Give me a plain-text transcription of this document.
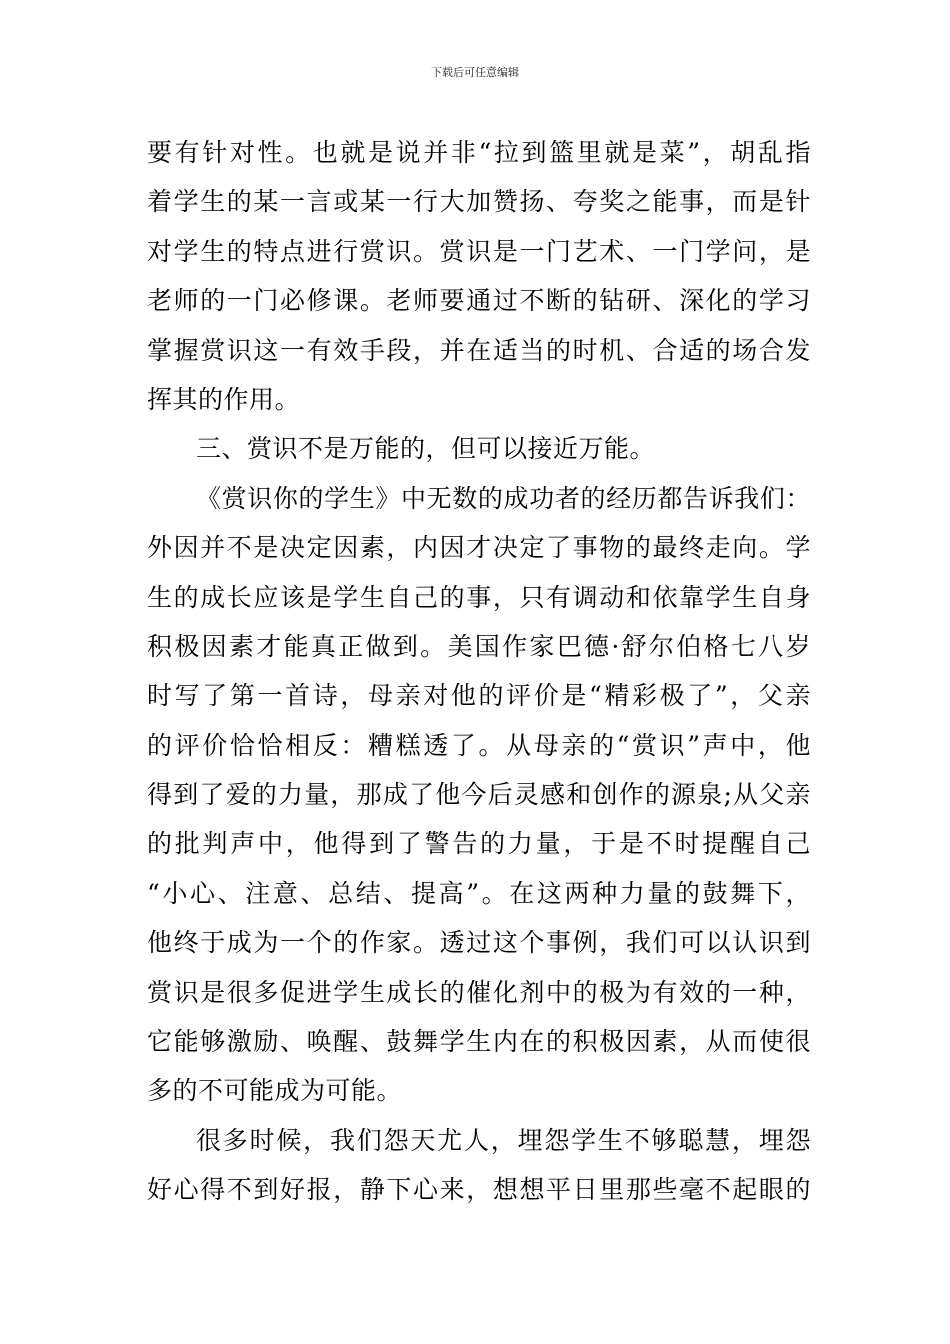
下载后可任意编辑
要有针对性。也就是说并非“拉到篮里就是菜”，胡乱指
着学生的某一言或某一行大加赞扬、夸奖之能事，而是针
对学生的特点进行赏识。赏识是一门艺术、一门学问，是
老师的一门必修课。老师要通过不断的钻研、深化的学习
掌握赏识这一有效手段，并在适当的时机、合适的场合发
挥其的作用。
三、赏识不是万能的，但可以接近万能。
《赏识你的学生》中无数的成功者的经历都告诉我们：
外因并不是决定因素，内因才决定了事物的最终走向。学
生的成长应该是学生自己的事，只有调动和依靠学生自身
积极因素才能真正做到。美国作家巴德·舒尔伯格七八岁
时写了第一首诗，母亲对他的评价是“精彩极了”，父亲
的评价恰恰相反：糟糕透了。从母亲的“赏识”声中，他
得到了爱的力量，那成了他今后灵感和创作的源泉;从父亲
的批判声中，他得到了警告的力量，于是不时提醒自己
“小心、注意、总结、提高”。在这两种力量的鼓舞下，
他终于成为一个的作家。透过这个事例，我们可以认识到
赏识是很多促进学生成长的催化剂中的极为有效的一种，
它能够激励、唤醒、鼓舞学生内在的积极因素，从而使很
多的不可能成为可能。
很多时候，我们怨天尤人，埋怨学生不够聪慧，埋怨
好心得不到好报，静下心来，想想平日里那些毫不起眼的
